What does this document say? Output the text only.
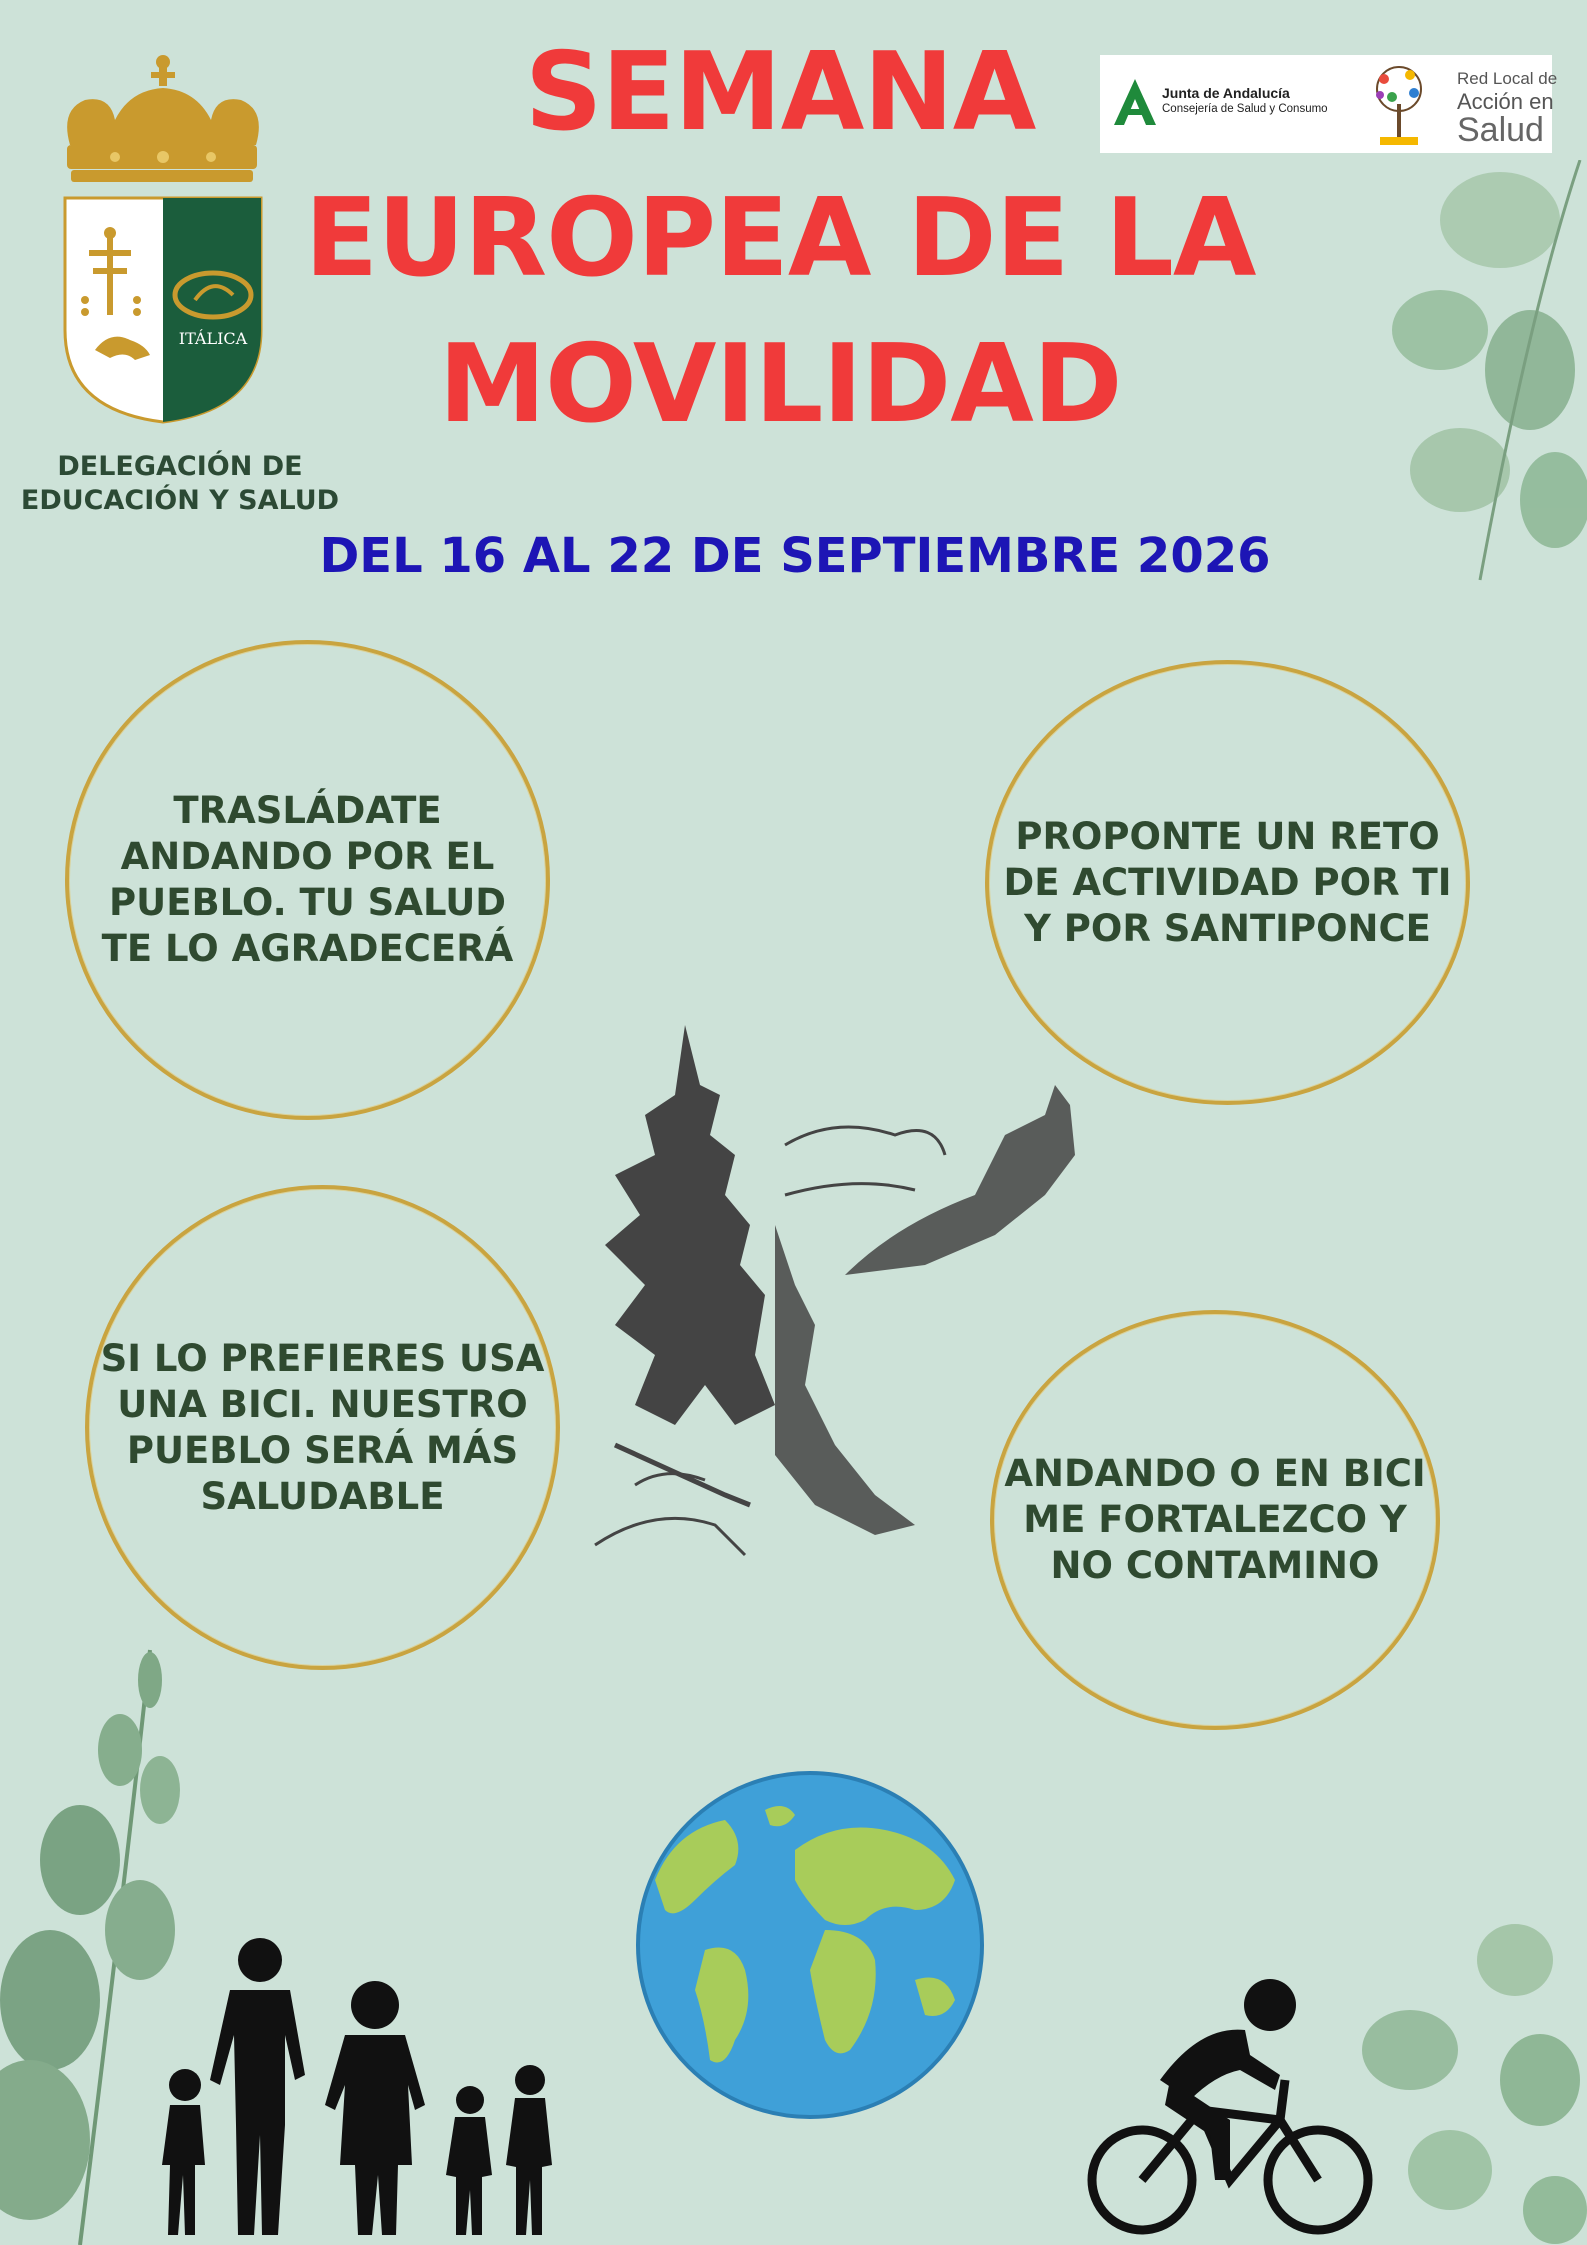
ITÁLICA
DELEGACIÓN DE
EDUCACIÓN Y SALUD
SEMANA
EUROPEA DE LA
MOVILIDAD
Junta de Andalucía
Consejería de Salud y Consumo
Red Local de
Acción en
Salud
DEL 16 AL 22 DE SEPTIEMBRE 2026
TRASLÁDATE
ANDANDO POR EL
PUEBLO. TU SALUD
TE LO AGRADECERÁ
PROPONTE UN RETO
DE ACTIVIDAD POR TI
Y POR SANTIPONCE
SI LO PREFIERES USA
UNA BICI. NUESTRO
PUEBLO SERÁ MÁS
SALUDABLE
ANDANDO O EN BICI
ME FORTALEZCO Y
NO CONTAMINO
